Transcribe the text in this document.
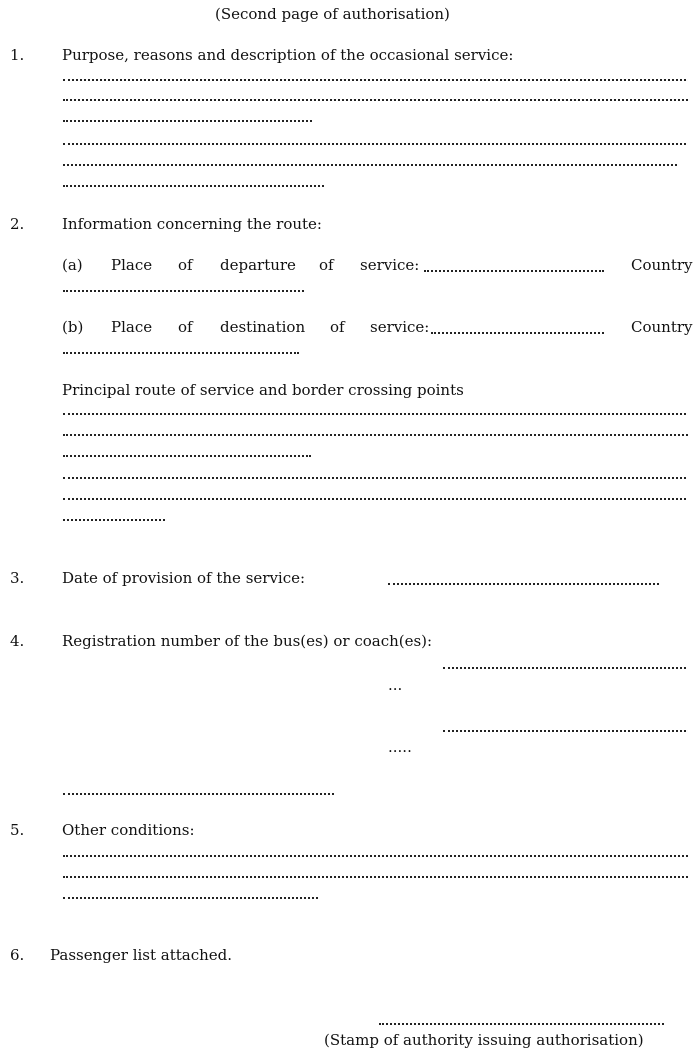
(Second page of authorisation)
1.	Purpose, reasons and description of the occasional service:
2.	Information concerning the route:
(a) Place of departure of service:	Country
(b) Place of destination of service:	Country
Principal route of service and border crossing points
3.	Date of provision of the service:
4.	Registration number of the bus(es) or coach(es):
...
.....
5.	Other conditions:
6. Passenger list attached.
(Stamp of authority issuing authorisation)
